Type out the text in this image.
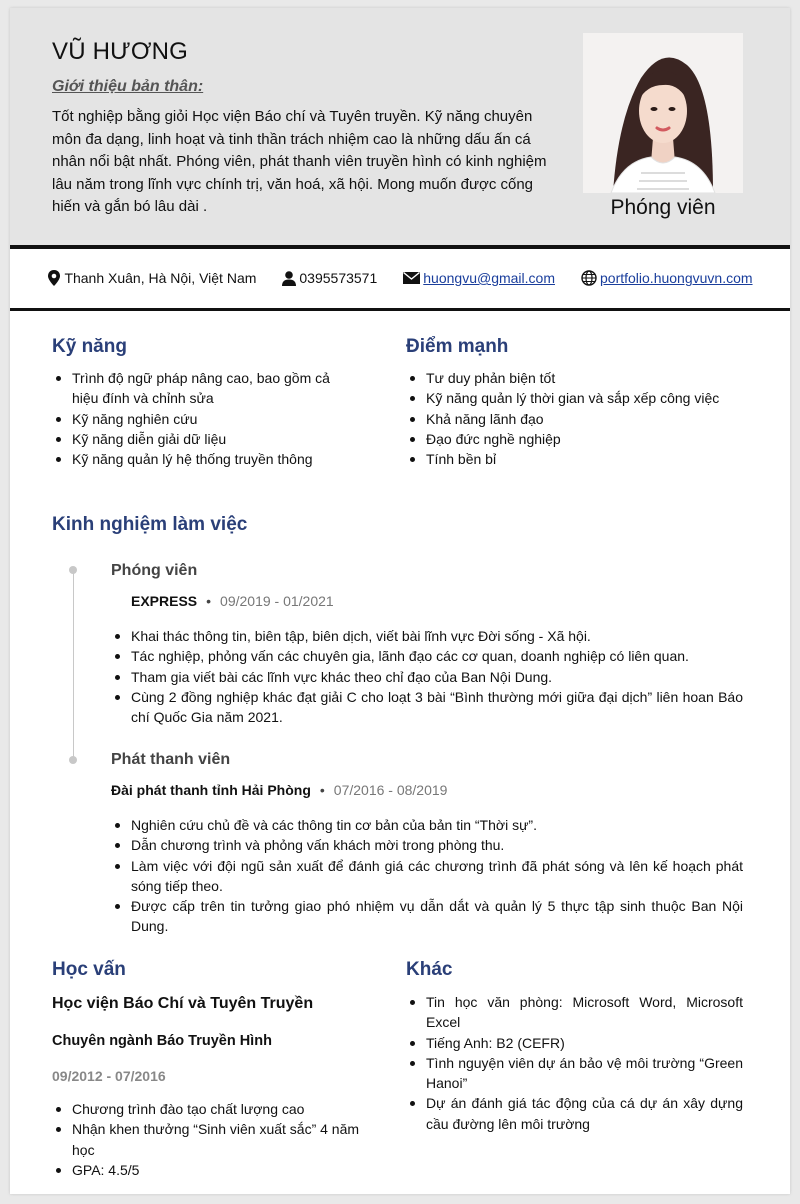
VŨ HƯƠNG
Giới thiệu bản thân:
Tốt nghiệp bằng giỏi Học viện Báo chí và Tuyên truyền. Kỹ năng chuyên môn đa dạng, linh hoạt và tinh thần trách nhiệm cao là những dấu ấn cá nhân nổi bật nhất. Phóng viên, phát thanh viên truyền hình có kinh nghiệm lâu năm trong lĩnh vực chính trị, văn hoá, xã hội. Mong muốn được cống hiến và gắn bó lâu dài .	Phóng viên
Thanh Xuân, Hà Nội, Việt Nam	0395573571	huongvu@gmail.com	portfolio.huongvuvn.com
Kỹ năng
Trình độ ngữ pháp nâng cao, bao gồm cả hiệu đính và chỉnh sửa
Kỹ năng nghiên cứu
Kỹ năng diễn giải dữ liệu
Kỹ năng quản lý hệ thống truyền thông
Điểm mạnh
Tư duy phản biện tốt
Kỹ năng quản lý thời gian và sắp xếp công việc
Khả năng lãnh đạo
Đạo đức nghề nghiệp
Tính bền bỉ
Kinh nghiệm làm việc
Phóng viên
EXPRESS • 09/2019 - 01/2021
Khai thác thông tin, biên tập, biên dịch, viết bài lĩnh vực Đời sống - Xã hội.
Tác nghiệp, phỏng vấn các chuyên gia, lãnh đạo các cơ quan, doanh nghiệp có liên quan.
Tham gia viết bài các lĩnh vực khác theo chỉ đạo của Ban Nội Dung.
Cùng 2 đồng nghiệp khác đạt giải C cho loạt 3 bài “Bình thường mới giữa đại dịch” liên hoan Báo chí Quốc Gia năm 2021.
Phát thanh viên
Đài phát thanh tỉnh Hải Phòng • 07/2016 - 08/2019
Nghiên cứu chủ đề và các thông tin cơ bản của bản tin “Thời sự”.
Dẫn chương trình và phỏng vấn khách mời trong phòng thu.
Làm việc với đội ngũ sản xuất để đánh giá các chương trình đã phát sóng và lên kế hoạch phát sóng tiếp theo.
Được cấp trên tin tưởng giao phó nhiệm vụ dẫn dắt và quản lý 5 thực tập sinh thuộc Ban Nội Dung.
Học vấn
Học viện Báo Chí và Tuyên Truyền
Chuyên ngành Báo Truyền Hình
09/2012 - 07/2016
Chương trình đào tạo chất lượng cao
Nhận khen thưởng “Sinh viên xuất sắc” 4 năm học
GPA: 4.5/5
Khác
Tin học văn phòng: Microsoft Word, Microsoft Excel
Tiếng Anh: B2 (CEFR)
Tình nguyện viên dự án bảo vệ môi trường “Green Hanoi”
Dự án đánh giá tác động của cá dự án xây dựng cầu đường lên môi trường
